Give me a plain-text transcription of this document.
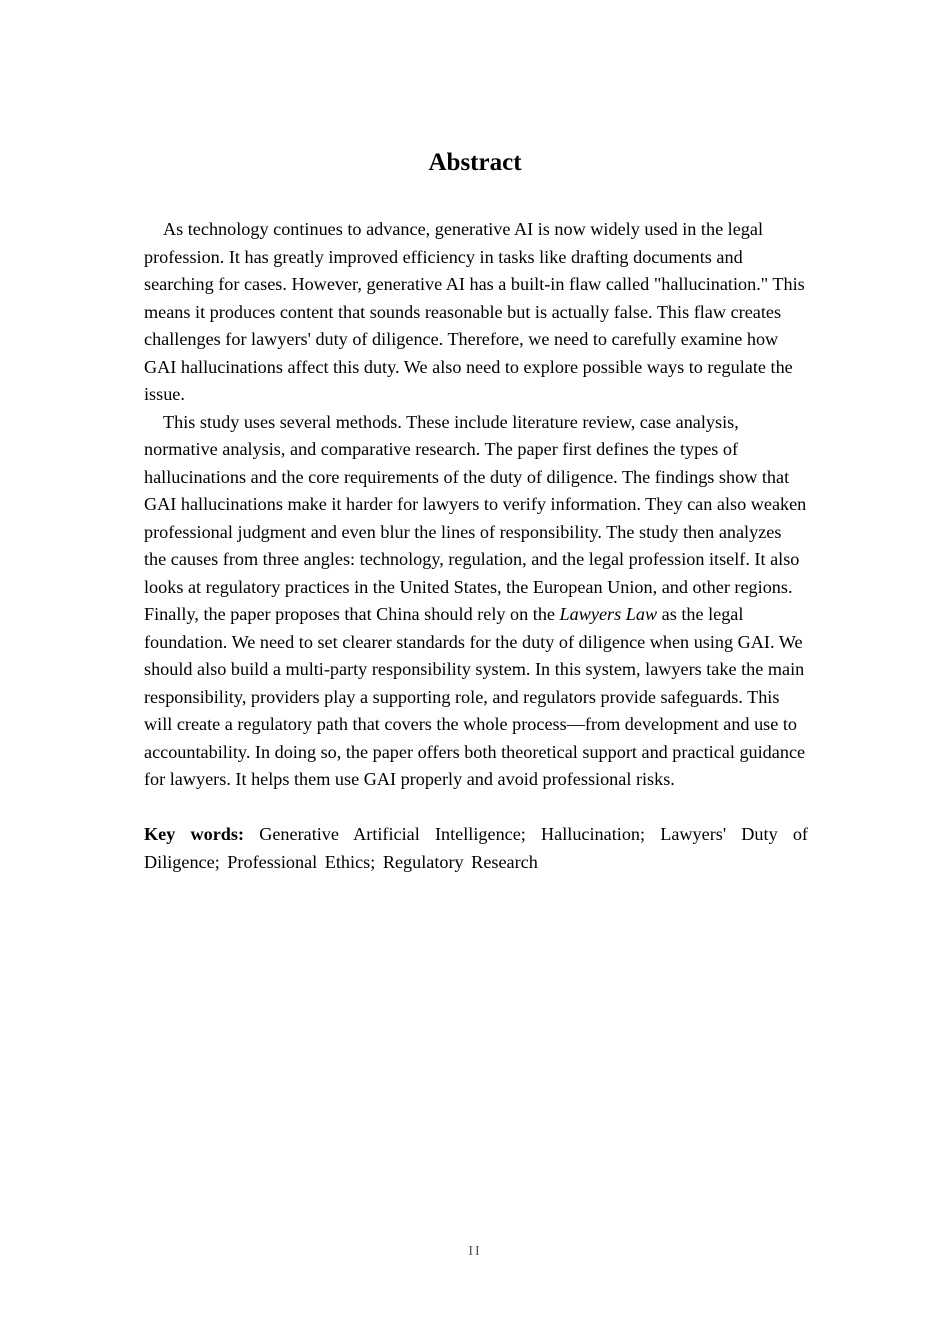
Abstract

As technology continues to advance, generative AI is now widely used in the legal profession. It has greatly improved efficiency in tasks like drafting documents and searching for cases. However, generative AI has a built-in flaw called "hallucination." This means it produces content that sounds reasonable but is actually false. This flaw creates challenges for lawyers' duty of diligence. Therefore, we need to carefully examine how GAI hallucinations affect this duty. We also need to explore possible ways to regulate the issue.

This study uses several methods. These include literature review, case analysis, normative analysis, and comparative research. The paper first defines the types of hallucinations and the core requirements of the duty of diligence. The findings show that GAI hallucinations make it harder for lawyers to verify information. They can also weaken professional judgment and even blur the lines of responsibility. The study then analyzes the causes from three angles: technology, regulation, and the legal profession itself. It also looks at regulatory practices in the United States, the European Union, and other regions. Finally, the paper proposes that China should rely on the Lawyers Law as the legal foundation. We need to set clearer standards for the duty of diligence when using GAI. We should also build a multi-party responsibility system. In this system, lawyers take the main responsibility, providers play a supporting role, and regulators provide safeguards. This will create a regulatory path that covers the whole process—from development and use to accountability. In doing so, the paper offers both theoretical support and practical guidance for lawyers. It helps them use GAI properly and avoid professional risks.

Key words: Generative Artificial Intelligence; Hallucination; Lawyers' Duty of Diligence; Professional Ethics; Regulatory Research

II
